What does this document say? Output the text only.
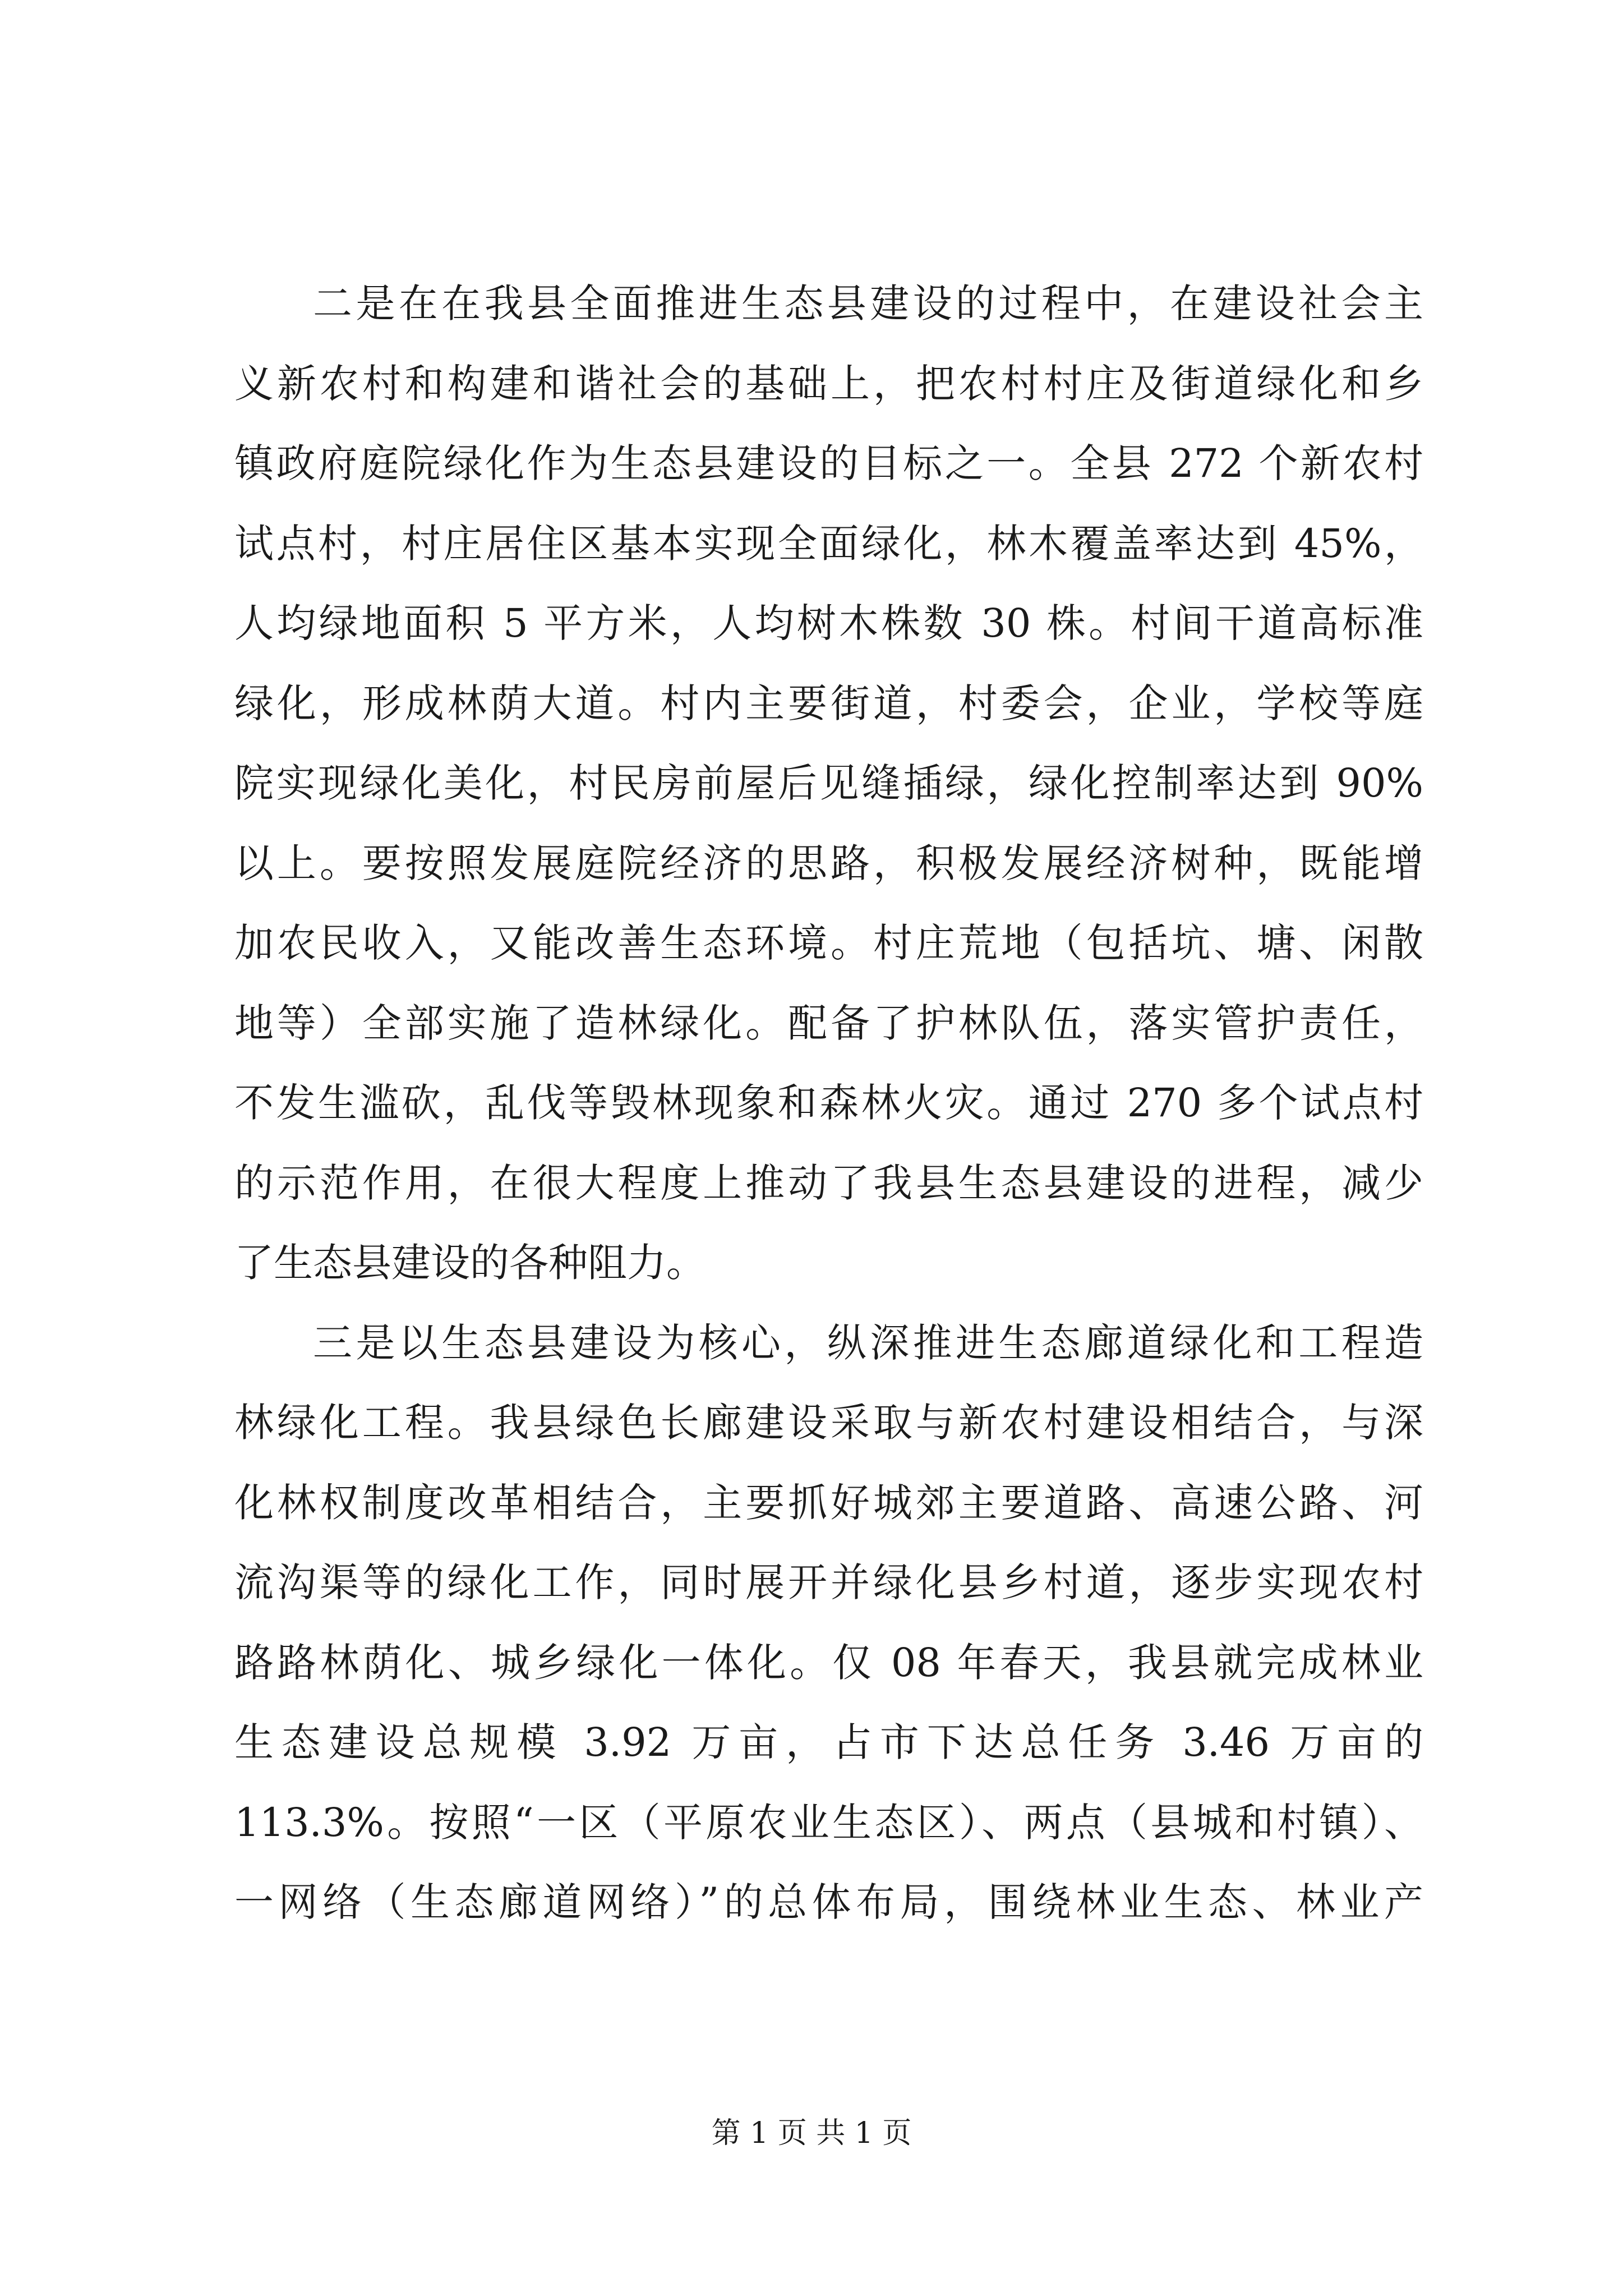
二是在在我县全面推进生态县建设的过程中，在建设社会主
义新农村和构建和谐社会的基础上，把农村村庄及街道绿化和乡
镇政府庭院绿化作为生态县建设的目标之一。全县 272 个新农村
试点村，村庄居住区基本实现全面绿化，林木覆盖率达到 45%，
人均绿地面积 5 平方米，人均树木株数 30 株。村间干道高标准
绿化，形成林荫大道。村内主要街道，村委会，企业，学校等庭
院实现绿化美化，村民房前屋后见缝插绿，绿化控制率达到 90%
以上。要按照发展庭院经济的思路，积极发展经济树种，既能增
加农民收入，又能改善生态环境。村庄荒地（包括坑、塘、闲散
地等）全部实施了造林绿化。配备了护林队伍，落实管护责任，
不发生滥砍，乱伐等毁林现象和森林火灾。通过 270 多个试点村
的示范作用，在很大程度上推动了我县生态县建设的进程，减少
了生态县建设的各种阻力。
三是以生态县建设为核心，纵深推进生态廊道绿化和工程造
林绿化工程。我县绿色长廊建设采取与新农村建设相结合，与深
化林权制度改革相结合，主要抓好城郊主要道路、高速公路、河
流沟渠等的绿化工作，同时展开并绿化县乡村道，逐步实现农村
路路林荫化、城乡绿化一体化。仅 08 年春天，我县就完成林业
生态建设总规模 3.92 万亩，占市下达总任务 3.46 万亩的
113.3%。按照“一区（平原农业生态区）、两点（县城和村镇）、
一网络（生态廊道网络）”的总体布局，围绕林业生态、林业产
第 1 页 共 1 页
